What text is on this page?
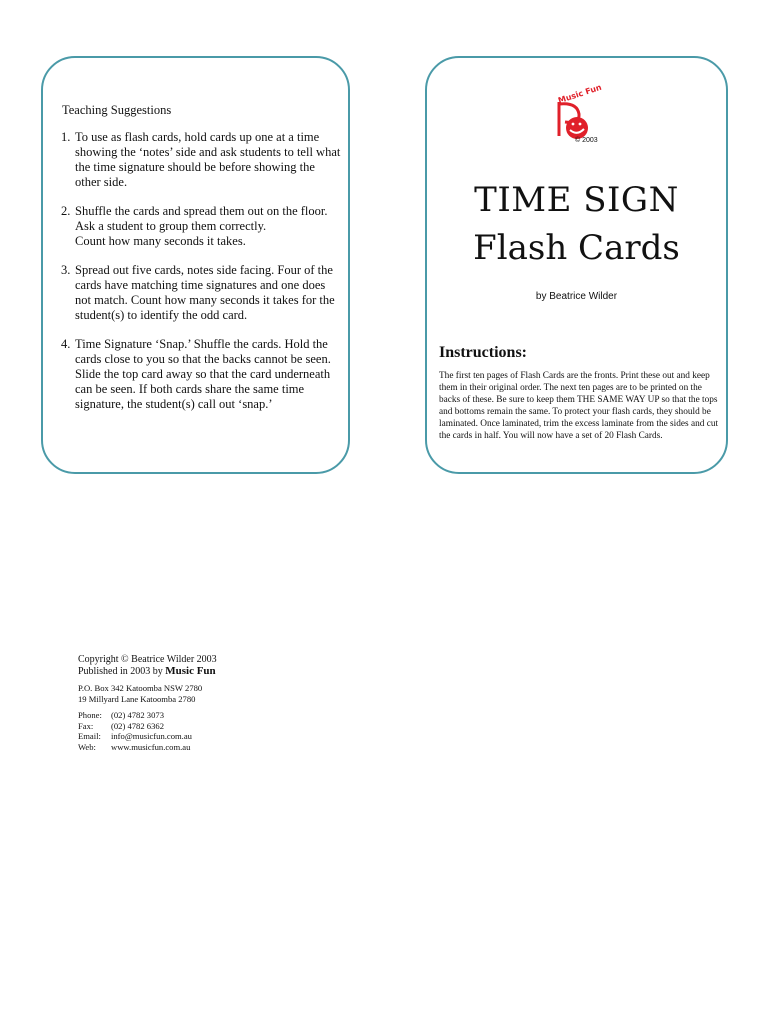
Teaching Suggestions
1. To use as flash cards, hold cards up one at a time showing the ‘notes’ side and ask students to tell what the time signature should be before showing the other side.
2. Shuffle the cards and spread them out on the floor. Ask a student to group them correctly.
Count how many seconds it takes.
3. Spread out five cards, notes side facing. Four of the cards have matching time signatures and one does not match. Count how many seconds it takes for the student(s) to identify the odd card.
4. Time Signature ‘Snap.’ Shuffle the cards. Hold the cards close to you so that the backs cannot be seen. Slide the top card away so that the card underneath can be seen. If both cards share the same time signature, the student(s) call out ‘snap.’
Music Fun
© 2003
TIME SIGN
Flash Cards
by Beatrice Wilder
Instructions:

The first ten pages of Flash Cards are the fronts. Print these out and keep them in their original order. The next ten pages are to be printed on the backs of these. Be sure to keep them THE SAME WAY UP so that the tops and bottoms remain the same. To protect your flash cards, they should be laminated. Once laminated, trim the excess laminate from the sides and cut the cards in half. You will now have a set of 20 Flash Cards.

Copyright © Beatrice Wilder 2003
Published in 2003 by Music Fun
P.O. Box 342 Katoomba NSW 2780
19 Millyard Lane Katoomba 2780
Phone:	(02) 4782 3073
Fax:	(02) 4782 6362
Email:	info@musicfun.com.au
Web:	www.musicfun.com.au
